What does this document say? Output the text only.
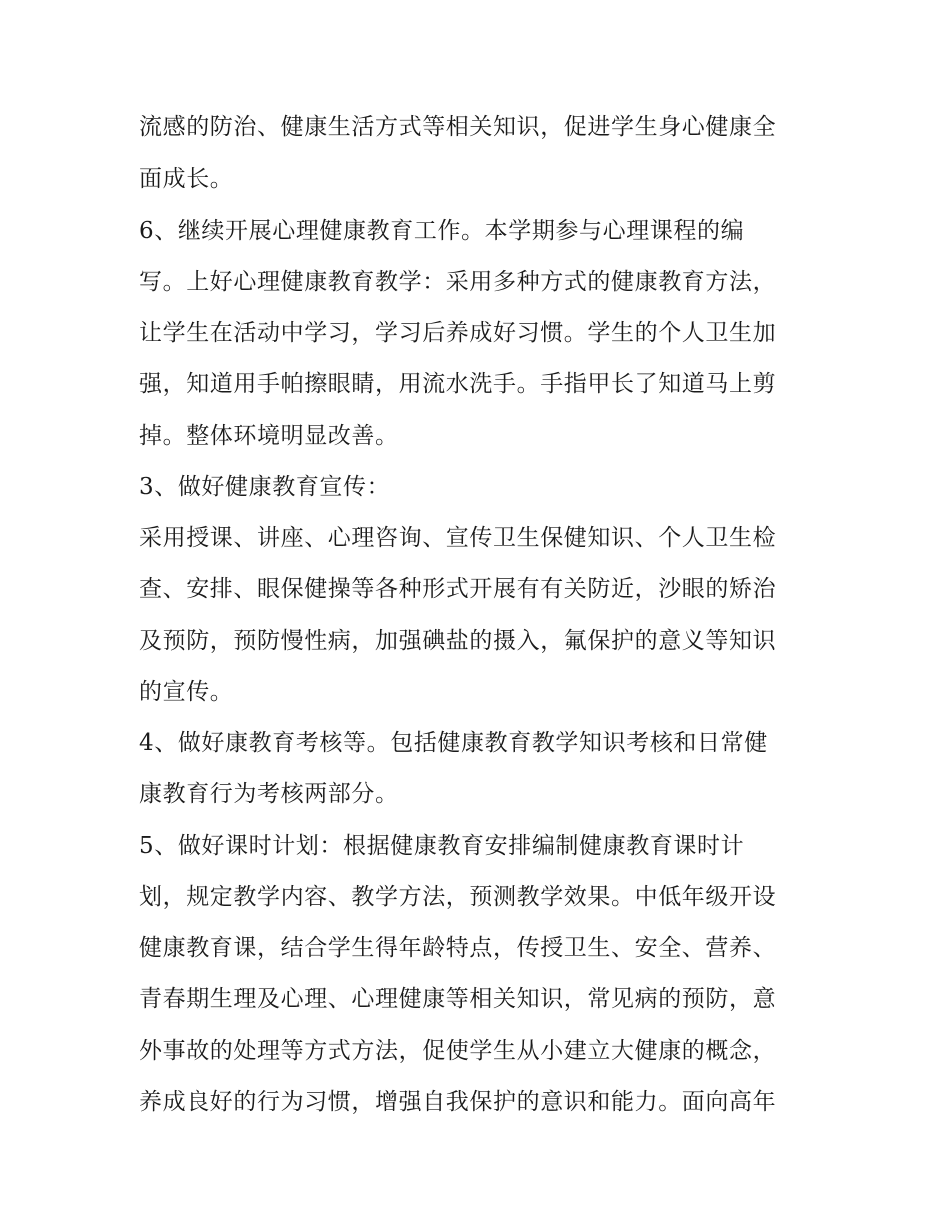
流感的防治、健康生活方式等相关知识，促进学生身心健康全
面成长。
6、继续开展心理健康教育工作。本学期参与心理课程的编
写。上好心理健康教育教学：采用多种方式的健康教育方法，
让学生在活动中学习，学习后养成好习惯。学生的个人卫生加
强，知道用手帕擦眼睛，用流水洗手。手指甲长了知道马上剪
掉。整体环境明显改善。
3、做好健康教育宣传：
采用授课、讲座、心理咨询、宣传卫生保健知识、个人卫生检
查、安排、眼保健操等各种形式开展有有关防近，沙眼的矫治
及预防，预防慢性病，加强碘盐的摄入，氟保护的意义等知识
的宣传。
4、做好康教育考核等。包括健康教育教学知识考核和日常健
康教育行为考核两部分。
5、做好课时计划：根据健康教育安排编制健康教育课时计
划，规定教学内容、教学方法，预测教学效果。中低年级开设
健康教育课，结合学生得年龄特点，传授卫生、安全、营养、
青春期生理及心理、心理健康等相关知识，常见病的预防，意
外事故的处理等方式方法，促使学生从小建立大健康的概念，
养成良好的行为习惯，增强自我保护的意识和能力。面向高年
